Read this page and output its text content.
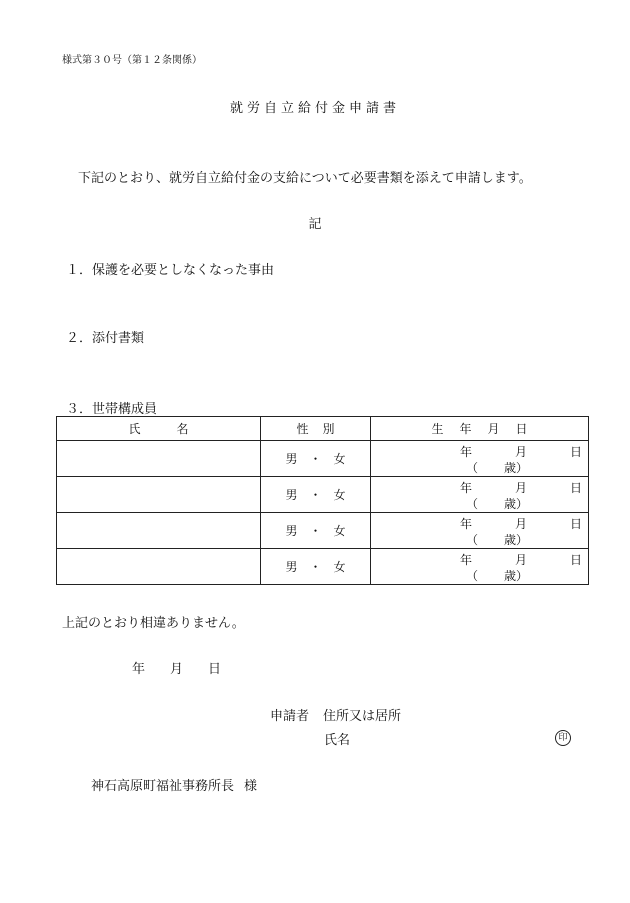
様式第３０号（第１２条関係）
就労自立給付金申請書
下記のとおり、就労自立給付金の支給について必要書類を添えて申請します。
記
１．保護を必要としなくなった事由
２．添付書類
３．世帯構成員
氏 名	性 別	生 年 月 日
	男 ・ 女	年 月 日
（ 歳）

	男 ・ 女	年 月 日
（ 歳）

	男 ・ 女	年 月 日
（ 歳）

	男 ・ 女	年 月 日
（ 歳）
上記のとおり相違ありません。
年 月 日
申請者 住所又は居所
氏名	印
神石高原町福祉事務所長 様
